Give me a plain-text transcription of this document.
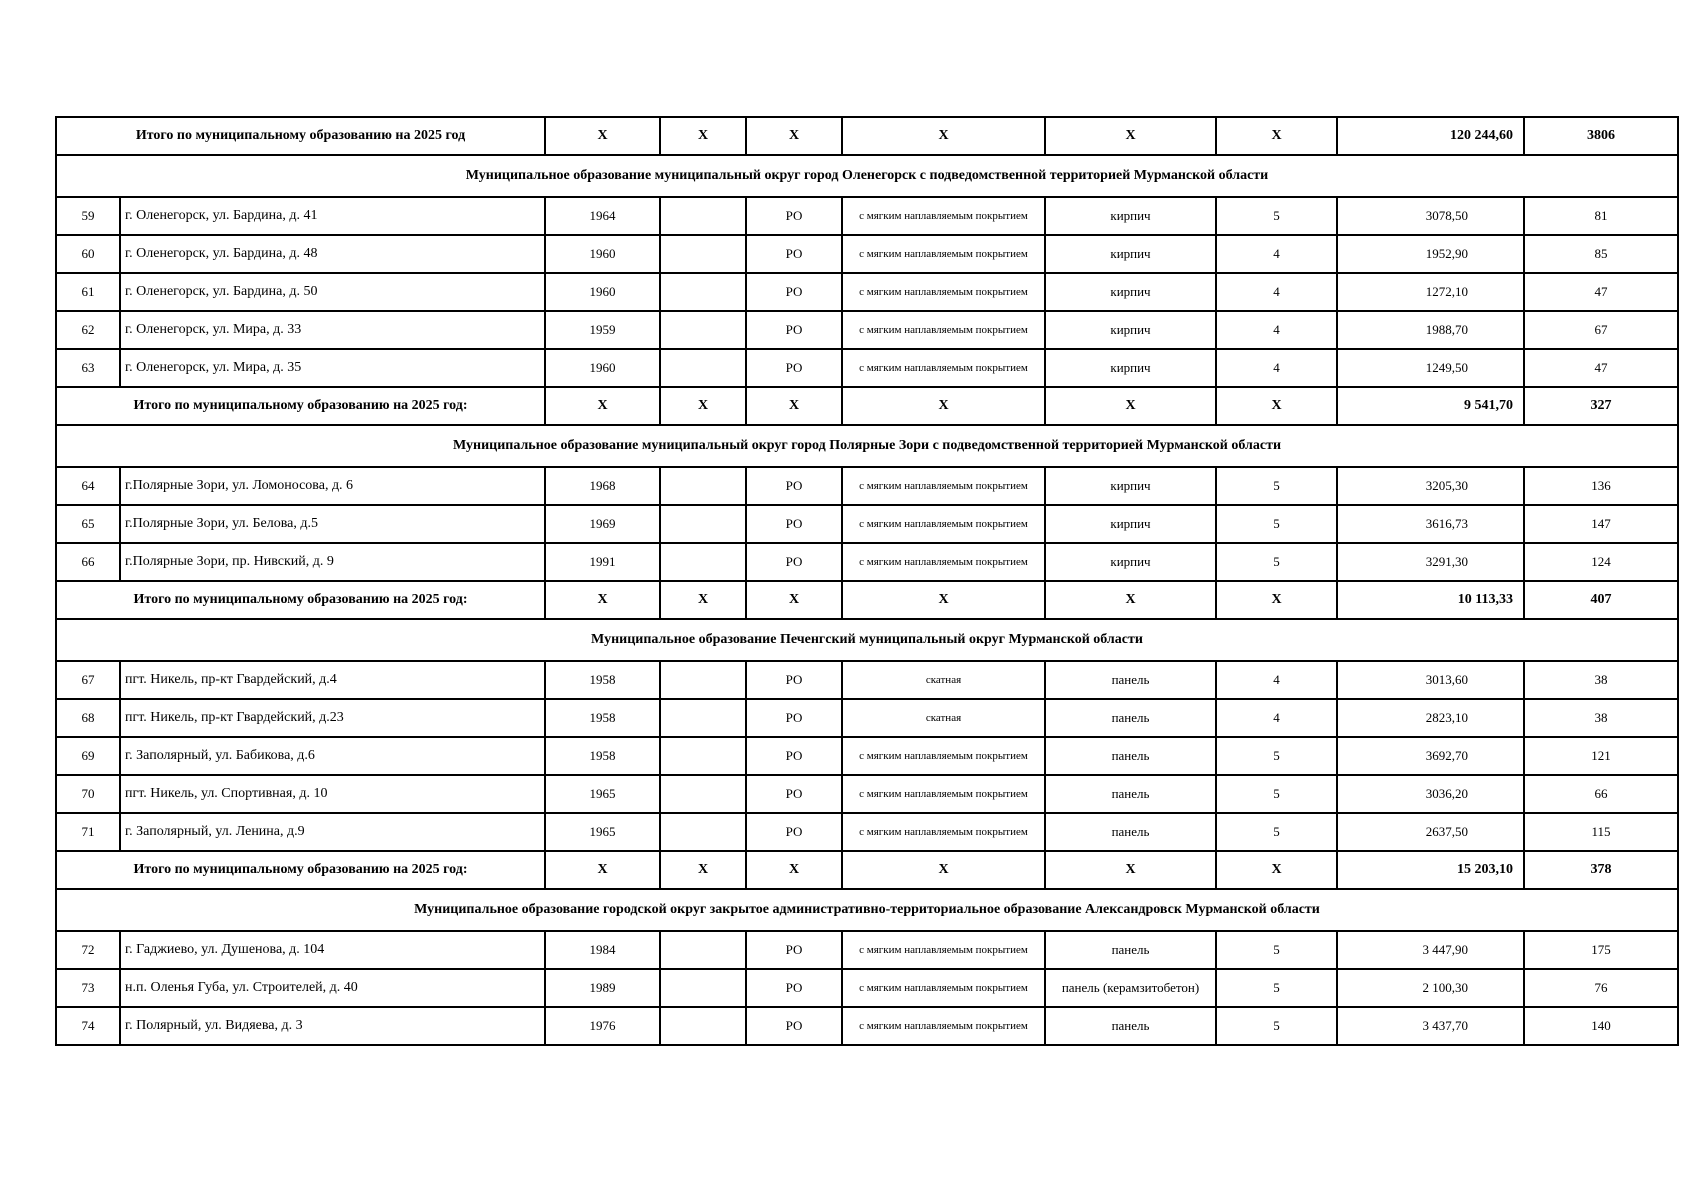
Итого по муниципальному образованию на 2025 год		X	X	X	X	X	X	120 244,60	3806
Муниципальное образование муниципальный округ город Оленегорск с подведомственной территорией Мурманской области									
59	г. Оленегорск, ул. Бардина, д. 41	1964		РО	с мягким наплавляемым покрытием	кирпич	5	3078,50	81
60	г. Оленегорск, ул. Бардина, д. 48	1960		РО	с мягким наплавляемым покрытием	кирпич	4	1952,90	85
61	г. Оленегорск, ул. Бардина, д. 50	1960		РО	с мягким наплавляемым покрытием	кирпич	4	1272,10	47
62	г. Оленегорск, ул. Мира, д. 33	1959		РО	с мягким наплавляемым покрытием	кирпич	4	1988,70	67
63	г. Оленегорск, ул. Мира, д. 35	1960		РО	с мягким наплавляемым покрытием	кирпич	4	1249,50	47
Итого по муниципальному образованию на 2025 год:		X	X	X	X	X	X	9 541,70	327
Муниципальное образование муниципальный округ город Полярные Зори с подведомственной территорией Мурманской области									
64	г.Полярные Зори, ул. Ломоносова, д. 6	1968		РО	с мягким наплавляемым покрытием	кирпич	5	3205,30	136
65	г.Полярные Зори, ул. Белова, д.5	1969		РО	с мягким наплавляемым покрытием	кирпич	5	3616,73	147
66	г.Полярные Зори, пр. Нивский, д. 9	1991		РО	с мягким наплавляемым покрытием	кирпич	5	3291,30	124
Итого по муниципальному образованию на 2025 год:		X	X	X	X	X	X	10 113,33	407
Муниципальное образование Печенгский муниципальный округ Мурманской области									
67	пгт. Никель, пр-кт Гвардейский, д.4	1958		РО	скатная	панель	4	3013,60	38
68	пгт. Никель, пр-кт Гвардейский, д.23	1958		РО	скатная	панель	4	2823,10	38
69	г. Заполярный, ул. Бабикова, д.6	1958		РО	с мягким наплавляемым покрытием	панель	5	3692,70	121
70	пгт. Никель, ул. Спортивная, д. 10	1965		РО	с мягким наплавляемым покрытием	панель	5	3036,20	66
71	г. Заполярный, ул. Ленина, д.9	1965		РО	с мягким наплавляемым покрытием	панель	5	2637,50	115
Итого по муниципальному образованию на 2025 год:		X	X	X	X	X	X	15 203,10	378
Муниципальное образование городской округ закрытое административно-территориальное образование Александровск Мурманской области									
72	г. Гаджиево, ул. Душенова, д. 104	1984		РО	с мягким наплавляемым покрытием	панель	5	3 447,90	175
73	н.п. Оленья Губа, ул. Строителей, д. 40	1989		РО	с мягким наплавляемым покрытием	панель (керамзитобетон)	5	2 100,30	76
74	г. Полярный, ул. Видяева, д. 3	1976		РО	с мягким наплавляемым покрытием	панель	5	3 437,70	140
